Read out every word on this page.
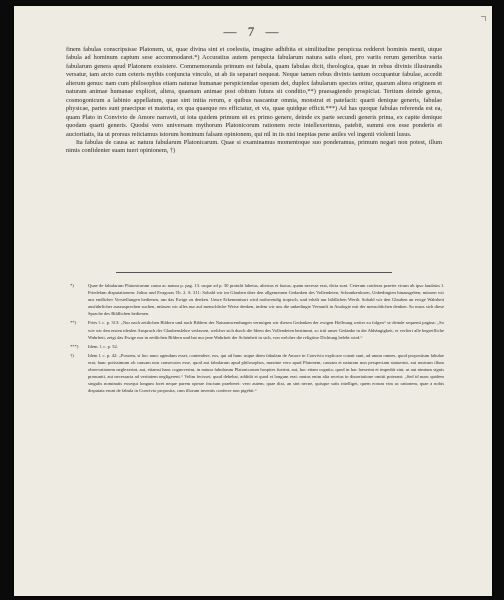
— 7 —

finem fabulas conscripsisse Platonem, ut, quae divina sint et coelestia, imagine adhibita et similitudine perspicua redderet hominis menti, utque fabula ad hominum captum sese accommodaret.*) Accuratius autem perspecta fabularum natura satis eluet, pro variis rerum generibus varia fabularum genera apud Platonem exsistere. Commemoranda primum est fabula, quam fabulas dicit, theologica, quae in rebus divinis illustrandis versatur, tam arcto cum ceteris mythis conjuncta vinculo, ut ab iis separari nequeat. Neque tamen rebus divinis tantum occupantur fabulae, accedit alterum genus: nam cum philosophus etiam naturae humanae perspiciendae operam det, duplex fabularum species oritur, quarum altera originem et naturam animae humanae explicet, altera, quaenam animae post obitum futura sit conditio,**) praesagiendo prospiciat. Tertium deinde genus, cosmogonicum a labinio appellatum, quae sint initia rerum, e quibus nascantur omnia, monstrat et patefacit: quarti denique generis, fabulae physicae, partes sunt praecipue et materia, ex qua quaeque res efficiatur, et vis, quae quidque efficit.***) Ad has quoque fabulas referenda est ea, quam Plato in Convivio de Amore narravit, ut iota quidem primum sit ex primo genere, deinde ex parte secundi generis prima, ex capite denique quodam quarti generis. Quodsi vero universam mythorum Platonicorum rationem recte intellexerimus, patebit, summi eos esse ponderis et auctoritatis, ita ut prorsus reiiciamus istorum hominum falsam opinionem, qui nil in iis nisi ineptias pene aniles vel ingenii violenti lusus.

Ita fabulas de causa ac natura fabularum Platonicarum. Quae si examinamus momentoque suo ponderamus, primum negari non potest, illum nimis confidenter suam tueri opinionem, †)

*)	Quae de fabularum Platonicarum causa ac natura p. pag. 13. usque ad p. 30 protulit labeius, alterius et fusius, quam necesse erat, dicta sunt. Ceterum conferas praeter virum ab ipso laudatos I. Friedelam disputationem: Julius und Evagoras Th. 2. S. 311: Sobald wir im Glauben über den allgemeinen Gedanken des Vollendeten, Schrankenlosen, Unbedingten hinausgehen, müssen wir uns endlicher Vorstellungen bedienen, um das Ewige zu denken. Unsre Erkenntnisart wird nothwendig tropisch, und erhält nur bildlichen Werth. Sobald wir den Glauben an ewige Wahrheit ausführlicher auszusprechen suchen, müssen wir alles nur auf menschliche Weise denken, indem wir uns die unbedingte Vernunft in Analogie mit der menschlichen denken. So muss sich diese Sprache des Bildlichen bedienen.
**)	Fries l. c. p. 313: „Nur nach zeitlichen Bildern und nach Bildern der Naturanwendungen vermögen wir diesen Gedanken der ewigen Hoffnung weiter zu folgen“ se deinde sequenti pagina: „So wie wir den ersten idealen Anspruch der Glaubenslehre verlassen, welcher sich durch die Ideen des Vollendeten bestimmt, so tritt unser Gedanke in die Abhängigkeit, er verliert alle begreifliche Wahrheit, zeigt das Ewige nur in zeitlichen Bildern und hat nur jene Wahrheit der Schönheit in sich, von welcher die religiöse Dichtung belebt wird.“
***)	Idem. l. c. p. 52.
†)	Idem l. c. p. 42: „Possem, si hoc nunc agendum esset, contendere, eos, qui ad hunc usque diem fabulam de Amore in Convivio explicare conati sunt, ad unum omnes, quod propositum fabulae erat, hanc potissimum ob causam non consecutos esse, quod aut fabularum apud philosophos, maxime vero apud Platonem, causam et naturam non perspectam statuerint, aut nostrum illum observationem neglexerint, aut, etiamsi hanc cognoverint, in natura fabularum Platonicarum hospites fuerint, aut, hoc etiam cognito, quod in hac laeserint et impediti sint, ut aut nimium signis pronuntii, aut necessaria ad veritatem negligerent.“ Velim fecisset, quod debebat, addidit et quod et longum erat: mutus enim alia receius in dissertatione omitti poterant: „Sed id nunc quidem singulis nominatis exsequi longum foret neque parem operae fructum praeberet: vero autem, quae dixi, an sint necne, quisque satis intelliget, quem eorum vim ac rationem, quae a nobis disputata erunt de fabula in Convivio proposita, cum illorum inventis conferre non pigebit.“
